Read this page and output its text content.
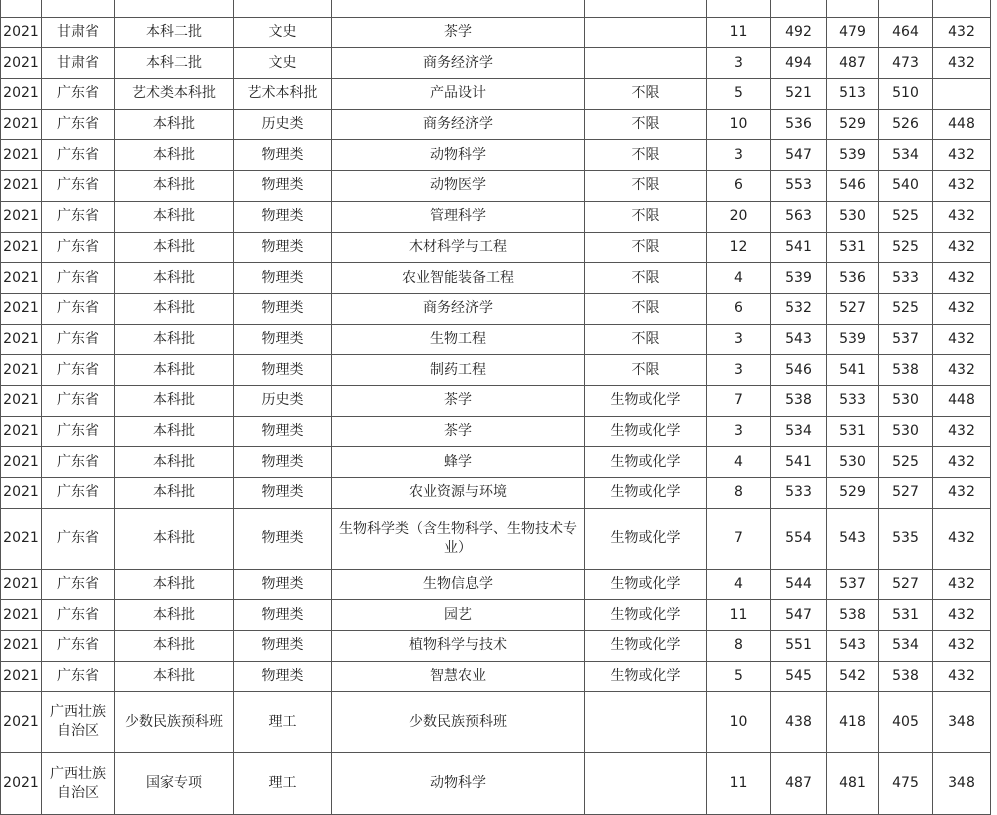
2021	甘肃省	本科二批	文史	茶学		11	492	479	464	432
2021	甘肃省	本科二批	文史	商务经济学		3	494	487	473	432
2021	广东省	艺术类本科批	艺术本科批	产品设计	不限	5	521	513	510	
2021	广东省	本科批	历史类	商务经济学	不限	10	536	529	526	448
2021	广东省	本科批	物理类	动物科学	不限	3	547	539	534	432
2021	广东省	本科批	物理类	动物医学	不限	6	553	546	540	432
2021	广东省	本科批	物理类	管理科学	不限	20	563	530	525	432
2021	广东省	本科批	物理类	木材科学与工程	不限	12	541	531	525	432
2021	广东省	本科批	物理类	农业智能装备工程	不限	4	539	536	533	432
2021	广东省	本科批	物理类	商务经济学	不限	6	532	527	525	432
2021	广东省	本科批	物理类	生物工程	不限	3	543	539	537	432
2021	广东省	本科批	物理类	制药工程	不限	3	546	541	538	432
2021	广东省	本科批	历史类	茶学	生物或化学	7	538	533	530	448
2021	广东省	本科批	物理类	茶学	生物或化学	3	534	531	530	432
2021	广东省	本科批	物理类	蜂学	生物或化学	4	541	530	525	432
2021	广东省	本科批	物理类	农业资源与环境	生物或化学	8	533	529	527	432
2021	广东省	本科批	物理类	生物科学类（含生物科学、生物技术专业）	生物或化学	7	554	543	535	432
2021	广东省	本科批	物理类	生物信息学	生物或化学	4	544	537	527	432
2021	广东省	本科批	物理类	园艺	生物或化学	11	547	538	531	432
2021	广东省	本科批	物理类	植物科学与技术	生物或化学	8	551	543	534	432
2021	广东省	本科批	物理类	智慧农业	生物或化学	5	545	542	538	432
2021	广西壮族自治区	少数民族预科班	理工	少数民族预科班		10	438	418	405	348
2021	广西壮族自治区	国家专项	理工	动物科学		11	487	481	475	348
